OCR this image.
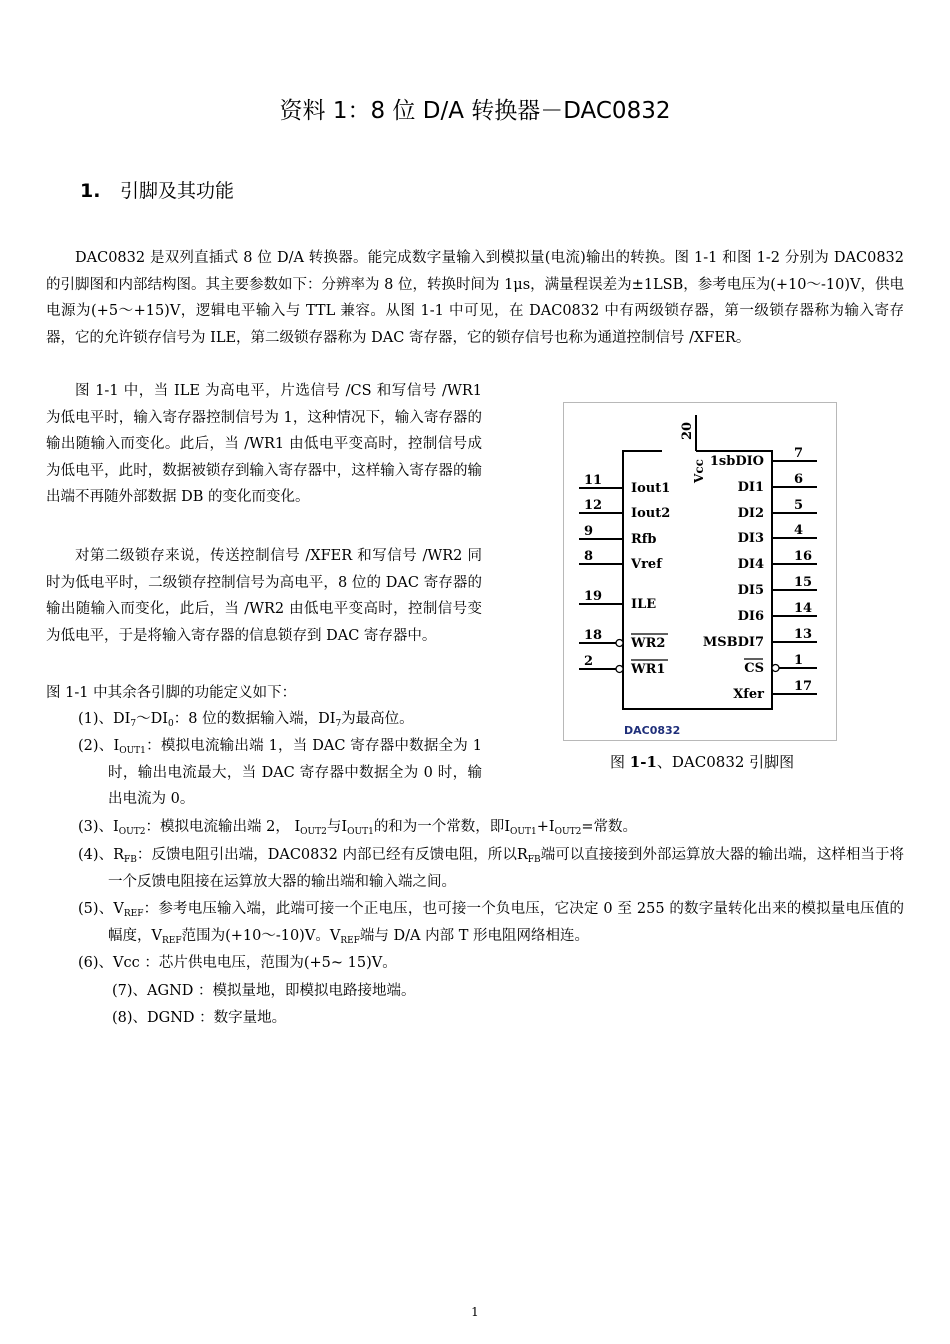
资料 1：8 位 D/A 转换器－DAC0832
1. 引脚及其功能

DAC0832 是双列直插式 8 位 D/A 转换器。能完成数字量输入到模拟量(电流)输出的转换。图 1-1 和图 1-2 分别为 DAC0832 的引脚图和内部结构图。其主要参数如下：分辨率为 8 位，转换时间为 1μs，满量程误差为±1LSB，参考电压为(+10～-10)V，供电电源为(+5～+15)V，逻辑电平输入与 TTL 兼容。从图 1-1 中可见，在 DAC0832 中有两级锁存器，第一级锁存器称为输入寄存器，它的允许锁存信号为 ILE，第二级锁存器称为 DAC 寄存器，它的锁存信号也称为通道控制信号 /XFER。

图 1-1 中，当 ILE 为高电平，片选信号 /CS 和写信号 /WR1 为低电平时，输入寄存器控制信号为 1，这种情况下，输入寄存器的输出随输入而变化。此后，当 /WR1 由低电平变高时，控制信号成为低电平，此时，数据被锁存到输入寄存器中，这样输入寄存器的输出端不再随外部数据 DB 的变化而变化。

对第二级锁存来说，传送控制信号 /XFER 和写信号 /WR2 同时为低电平时，二级锁存控制信号为高电平，8 位的 DAC 寄存器的输出随输入而变化，此后，当 /WR2 由低电平变高时，控制信号变为低电平，于是将输入寄存器的信息锁存到 DAC 寄存器中。

图 1-1 中其余各引脚的功能定义如下：
(1)、$DI_7\sim DI_0$：8 位的数据输入端，$DI_7$为最高位。

(2)、$I_{OUT1}$：模拟电流输出端 1，当 DAC 寄存器中数据全为 1 时，输出电流最大，当 DAC 寄存器中数据全为 0 时，输出电流为 0。

(3)、$I_{OUT2}$：模拟电流输出端 2， $I_{OUT2}$与$I_{OUT1}$的和为一个常数，即$I_{OUT1}+I_{OUT2}=$常数。

(4)、$R_{FB}$：反馈电阻引出端，DAC0832 内部已经有反馈电阻，所以$R_{FB}$端可以直接接到外部运算放大器的输出端，这样相当于将一个反馈电阻接在运算放大器的输出端和输入端之间。

(5)、$V_{REF}$：参考电压输入端，此端可接一个正电压，也可接一个负电压，它决定 0 至 255 的数字量转化出来的模拟量电压值的幅度，$V_{REF}$范围为(+10～-10)V。$V_{REF}$端与 D/A 内部 T 形电阻网络相连。

(6)、Vcc ：芯片供电电压，范围为(+5~ 15)V。
(7)、AGND ：模拟量地，即模拟电路接地端。
(8)、DGND ：数字量地。
20
Vcc
DAC0832
11
Iout1
12
Iout2
9
Rfb
8
Vref
19
ILE
18
WR2
2
WR1
7
1sbDIO
6
DI1
5
DI2
4
DI3
16
DI4
15
DI5
14
DI6
13
MSBDI7
1
CS
17
Xfer
图 1-1、DAC0832 引脚图
1
